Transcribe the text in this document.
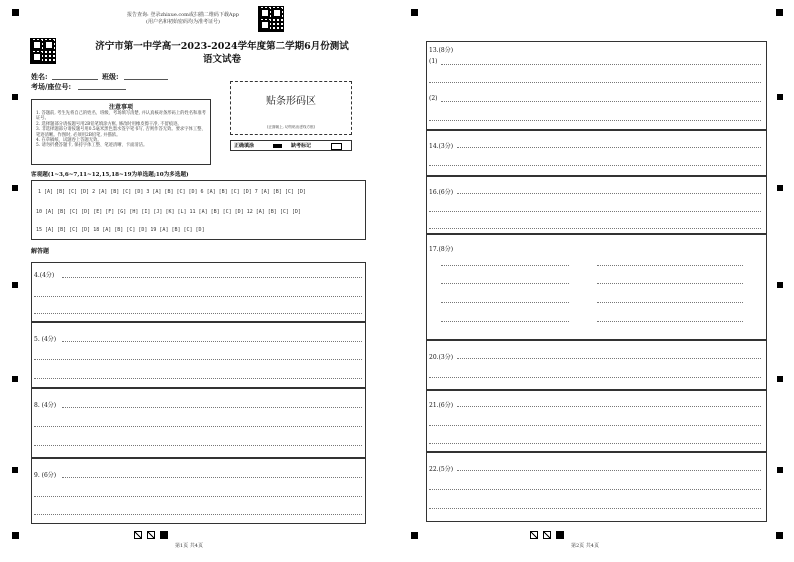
报告查询: 登录zhixue.com或扫描二维码下载App
(用户名和初始密码均为准考证号)
济宁市第一中学高一2023-2024学年度第二学期6月份测试
语文试卷
姓名:	班级:
考场/座位号:
注意事项
1. 答题前, 考生先将自己的姓名、班级、考场填写清楚, 并认真核对条形码上的姓名和准考证号。
2. 选择题部分请按题号用2B铅笔填涂方框, 修改时用橡皮擦干净, 不留痕迹。
3. 非选择题部分请按题号用0.5毫米黑色墨水签字笔书写, 否则作答无效。要求字体工整、笔迹清晰。作图时, 必须用2B铅笔, 并描浓。
4. 在草稿纸、试题卷上答题无效。
5. 请勿折叠答题卡, 保持字体工整、笔迹清晰、卡面清洁。
贴条形码区
(正面朝上, 切勿贴出虚线方框)
正确填涂	缺考标记
客观题(1~3,6~7,11~12,15,18~19为单选题;10为多选题)
1 [A] [B] [C] [D] 2 [A] [B] [C] [D] 3 [A] [B] [C] [D] 6 [A] [B] [C] [D] 7 [A] [B] [C] [D]
10 [A] [B] [C] [D] [E] [F] [G] [H] [I] [J] [K] [L] 11 [A] [B] [C] [D] 12 [A] [B] [C] [D]
15 [A] [B] [C] [D] 18 [A] [B] [C] [D] 19 [A] [B] [C] [D]
解答题
4.(4分)
5. (4分)
8. (4分)
9. (6分)
第1页 共4页
13.(8分)
(1)
(2)
14.(3分)
16.(6分)
17.(8分)
20.(3分)
21.(6分)
22.(5分)
第2页 共4页
